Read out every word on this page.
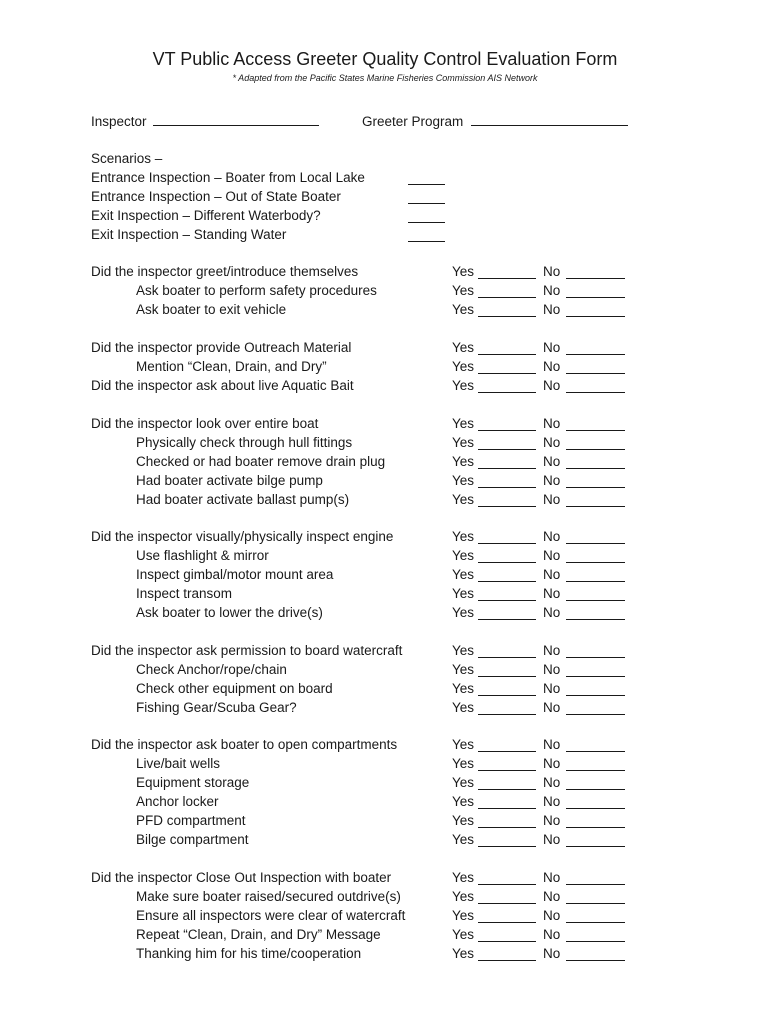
VT Public Access Greeter Quality Control Evaluation Form
* Adapted from the Pacific States Marine Fisheries Commission AIS Network
Inspector	Greeter Program
Scenarios –
Entrance Inspection – Boater from Local Lake
Entrance Inspection – Out of State Boater
Exit Inspection – Different Waterbody?
Exit Inspection – Standing Water
Did the inspector greet/introduce themselves	Yes	No
Ask boater to perform safety procedures	Yes	No
Ask boater to exit vehicle	Yes	No
Did the inspector provide Outreach Material	Yes	No
Mention “Clean, Drain, and Dry”	Yes	No
Did the inspector ask about live Aquatic Bait	Yes	No
Did the inspector look over entire boat	Yes	No
Physically check through hull fittings	Yes	No
Checked or had boater remove drain plug	Yes	No
Had boater activate bilge pump	Yes	No
Had boater activate ballast pump(s)	Yes	No
Did the inspector visually/physically inspect engine	Yes	No
Use flashlight & mirror	Yes	No
Inspect gimbal/motor mount area	Yes	No
Inspect transom	Yes	No
Ask boater to lower the drive(s)	Yes	No
Did the inspector ask permission to board watercraft	Yes	No
Check Anchor/rope/chain	Yes	No
Check other equipment on board	Yes	No
Fishing Gear/Scuba Gear?	Yes	No
Did the inspector ask boater to open compartments	Yes	No
Live/bait wells	Yes	No
Equipment storage	Yes	No
Anchor locker	Yes	No
PFD compartment	Yes	No
Bilge compartment	Yes	No
Did the inspector Close Out Inspection with boater	Yes	No
Make sure boater raised/secured outdrive(s)	Yes	No
Ensure all inspectors were clear of watercraft	Yes	No
Repeat “Clean, Drain, and Dry” Message	Yes	No
Thanking him for his time/cooperation	Yes	No
